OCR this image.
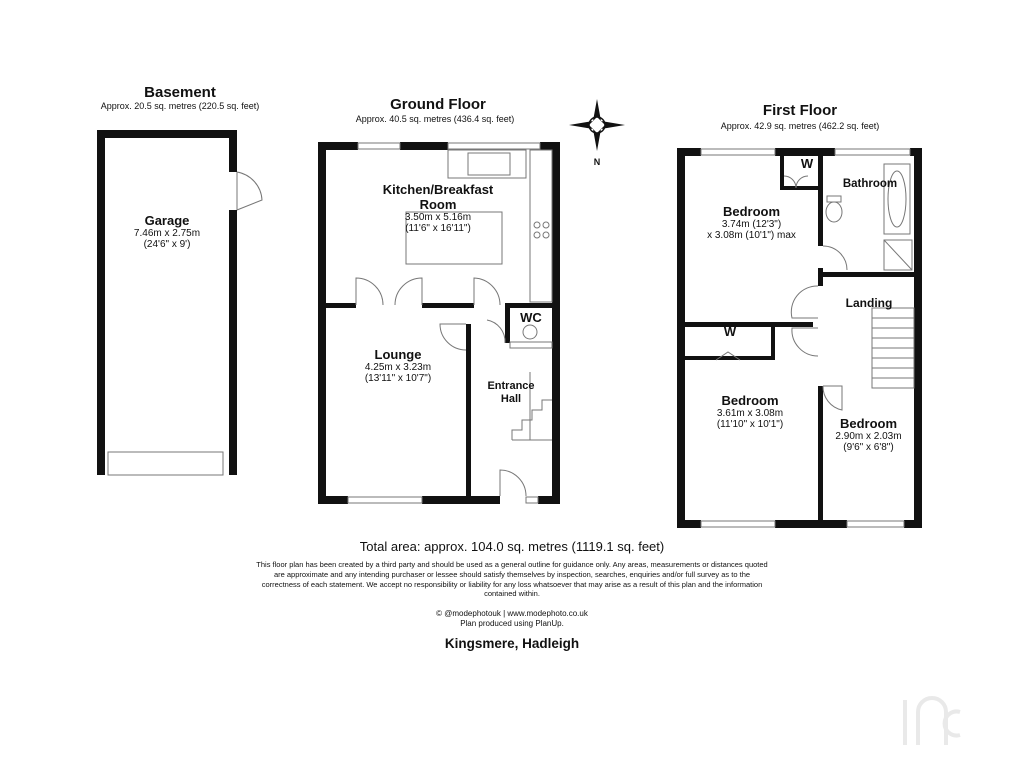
Basement
Approx. 20.5 sq. metres (220.5 sq. feet)
Garage
7.46m x 2.75m
(24'6" x 9')
Ground Floor
Approx. 40.5 sq. metres (436.4 sq. feet)
Kitchen/Breakfast
Room
3.50m x 5.16m
(11'6" x 16'11")
Lounge
4.25m x 3.23m
(13'11" x 10'7")
WC
Entrance
Hall
N
First Floor
Approx. 42.9 sq. metres (462.2 sq. feet)
W
Bathroom
Bedroom
3.74m (12'3")
x 3.08m (10'1") max
Landing
W
Bedroom
3.61m x 3.08m
(11'10" x 10'1")	Bedroom
2.90m x 2.03m
(9'6" x 6'8")
Total area: approx. 104.0 sq. metres (1119.1 sq. feet)
This floor plan has been created by a third party and should be used as a general outline for guidance only. Any areas, measurements or distances quoted
are approximate and any intending purchaser or lessee should satisfy themselves by inspection, searches, enquiries and/or full survey as to the
correctness of each statement. We accept no responsibility or liability for any loss whatsoever that may arise as a result of this plan and the information
contained within.
© @modephotouk | www.modephoto.co.uk
Plan produced using PlanUp.
Kingsmere, Hadleigh
